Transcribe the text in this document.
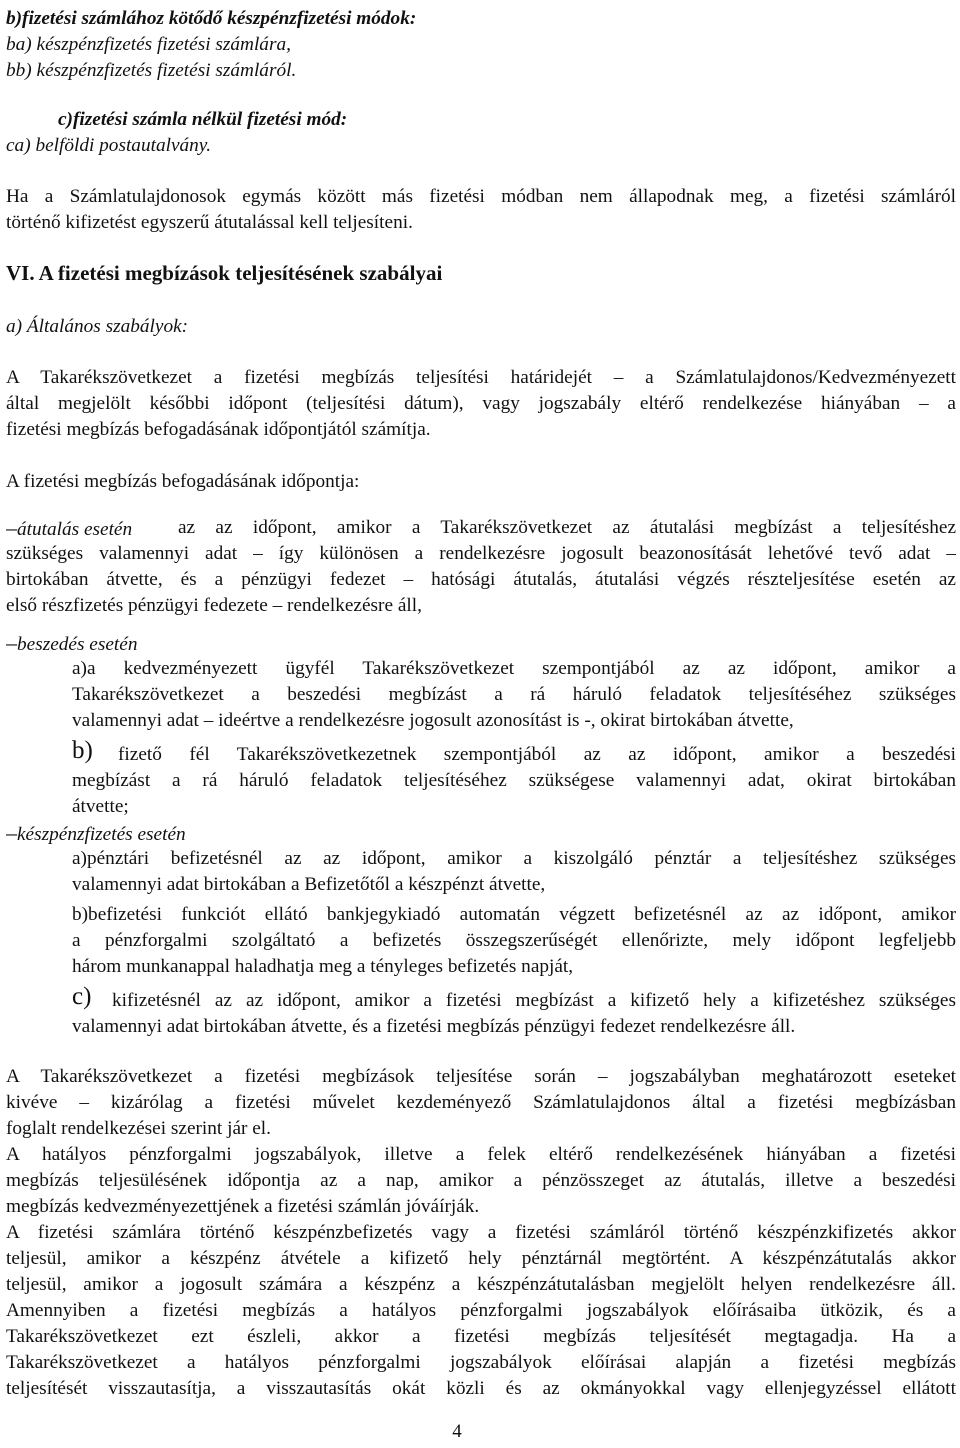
b)fizetési számlához kötődő készpénzfizetési módok:
ba) készpénzfizetés fizetési számlára,
bb) készpénzfizetés fizetési számláról.
c)fizetési számla nélkül fizetési mód:
ca) belföldi postautalvány.
Ha a Számlatulajdonosok egymás között más fizetési módban nem állapodnak meg, a fizetési számláról
történő kifizetést egyszerű átutalással kell teljesíteni.
VI. A fizetési megbízások teljesítésének szabályai
a) Általános szabályok:
A Takarékszövetkezet a fizetési megbízás teljesítési határidejét – a Számlatulajdonos/Kedvezményezett
által megjelölt későbbi időpont (teljesítési dátum), vagy jogszabály eltérő rendelkezése hiányában – a
fizetési megbízás befogadásának időpontjától számítja.
A fizetési megbízás befogadásának időpontja:
az az időpont, amikor a Takarékszövetkezet az átutalási megbízást a teljesítéshez
szükséges valamennyi adat – így különösen a rendelkezésre jogosult beazonosítását lehetővé tevő adat –
birtokában átvette, és a pénzügyi fedezet – hatósági átutalás, átutalási végzés részteljesítése esetén az
első részfizetés pénzügyi fedezete – rendelkezésre áll,
a)a kedvezményezett ügyfél Takarékszövetkezet szempontjából az az időpont, amikor a
Takarékszövetkezet a beszedési megbízást a rá háruló feladatok teljesítéséhez szükséges
valamennyi adat – ideértve a rendelkezésre jogosult azonosítást is -, okirat birtokában átvette,
fizető fél Takarékszövetkezetnek szempontjából az az időpont, amikor a beszedési
megbízást a rá háruló feladatok teljesítéséhez szükségese valamennyi adat, okirat birtokában
átvette;
a)pénztári befizetésnél az az időpont, amikor a kiszolgáló pénztár a teljesítéshez szükséges
valamennyi adat birtokában a Befizetőtől a készpénzt átvette,
b)befizetési funkciót ellátó bankjegykiadó automatán végzett befizetésnél az az időpont, amikor
a pénzforgalmi szolgáltató a befizetés összegszerűségét ellenőrizte, mely időpont legfeljebb
három munkanappal haladhatja meg a tényleges befizetés napját,
kifizetésnél az az időpont, amikor a fizetési megbízást a kifizető hely a kifizetéshez szükséges
valamennyi adat birtokában átvette, és a fizetési megbízás pénzügyi fedezet rendelkezésre áll.
A Takarékszövetkezet a fizetési megbízások teljesítése során – jogszabályban meghatározott eseteket
kivéve – kizárólag a fizetési művelet kezdeményező Számlatulajdonos által a fizetési megbízásban
foglalt rendelkezései szerint jár el.
A hatályos pénzforgalmi jogszabályok, illetve a felek eltérő rendelkezésének hiányában a fizetési
megbízás teljesülésének időpontja az a nap, amikor a pénzösszeget az átutalás, illetve a beszedési
megbízás kedvezményezettjének a fizetési számlán jóváírják.
A fizetési számlára történő készpénzbefizetés vagy a fizetési számláról történő készpénzkifizetés akkor
teljesül, amikor a készpénz átvétele a kifizető hely pénztárnál megtörtént. A készpénzátutalás akkor
teljesül, amikor a jogosult számára a készpénz a készpénzátutalásban megjelölt helyen rendelkezésre áll.
Amennyiben a fizetési megbízás a hatályos pénzforgalmi jogszabályok előírásaiba ütközik, és a
Takarékszövetkezet ezt észleli, akkor a fizetési megbízás teljesítését megtagadja. Ha a
Takarékszövetkezet a hatályos pénzforgalmi jogszabályok előírásai alapján a fizetési megbízás
teljesítését visszautasítja, a visszautasítás okát közli és az okmányokkal vagy ellenjegyzéssel ellátott
–átutalás esetén
–beszedés esetén
–készpénzfizetés esetén
b)
c)
4
